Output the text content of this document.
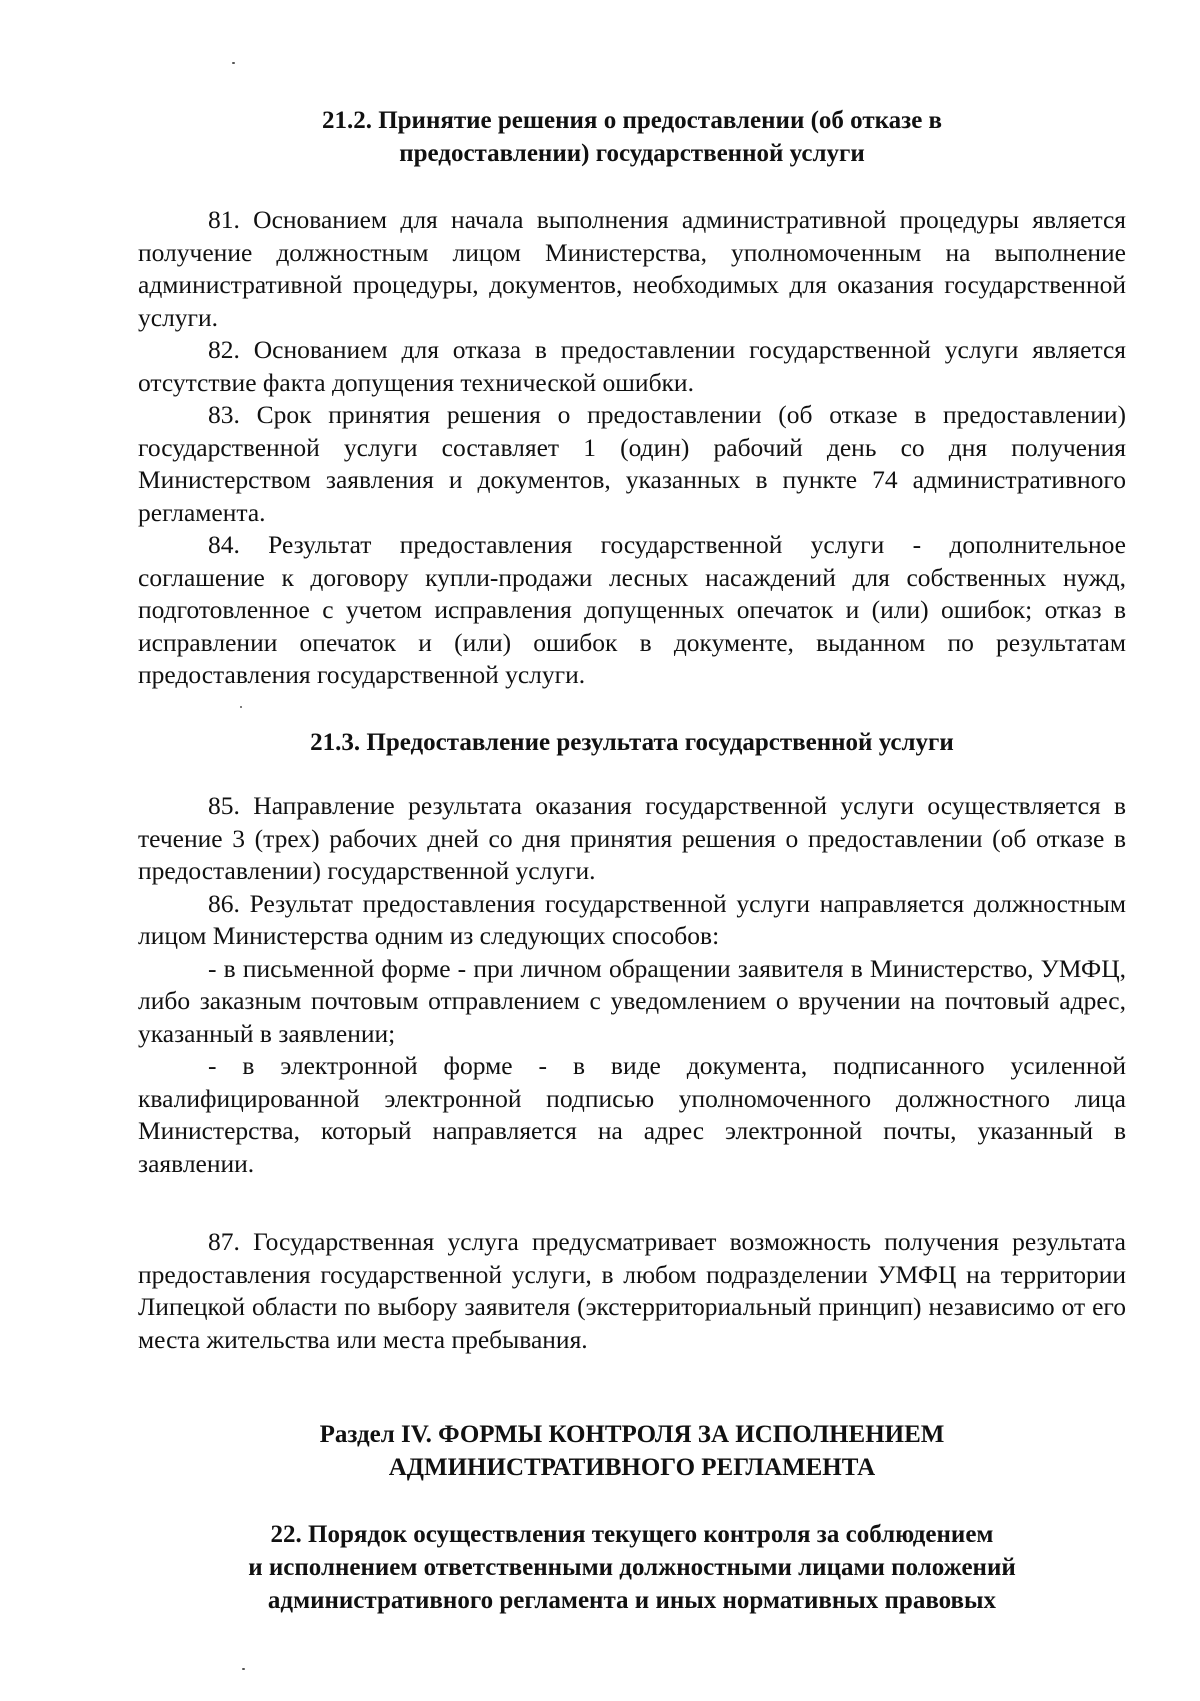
21.2. Принятие решения о предоставлении (об отказе в
предоставлении) государственной услуги

81. Основанием для начала выполнения административной процедуры является получение должностным лицом Министерства, уполномоченным на выполнение административной процедуры, документов, необходимых для оказания государственной услуги.

82. Основанием для отказа в предоставлении государственной услуги является отсутствие факта допущения технической ошибки.

83. Срок принятия решения о предоставлении (об отказе в предоставлении) государственной услуги составляет 1 (один) рабочий день со дня получения Министерством заявления и документов, указанных в пункте 74 административного регламента.

84. Результат предоставления государственной услуги - дополнительное соглашение к договору купли-продажи лесных насаждений для собственных нужд, подготовленное с учетом исправления допущенных опечаток и (или) ошибок; отказ в исправлении опечаток и (или) ошибок в документе, выданном по результатам предоставления государственной услуги.

21.3. Предоставление результата государственной услуги

85. Направление результата оказания государственной услуги осуществляется в течение 3 (трех) рабочих дней со дня принятия решения о предоставлении (об отказе в предоставлении) государственной услуги.

86. Результат предоставления государственной услуги направляется должностным лицом Министерства одним из следующих способов:

- в письменной форме - при личном обращении заявителя в Министерство, УМФЦ, либо заказным почтовым отправлением с уведомлением о вручении на почтовый адрес, указанный в заявлении;

- в электронной форме - в виде документа, подписанного усиленной квалифицированной электронной подписью уполномоченного должностного лица Министерства, который направляется на адрес электронной почты, указанный в заявлении.

87. Государственная услуга предусматривает возможность получения результата предоставления государственной услуги, в любом подразделении УМФЦ на территории Липецкой области по выбору заявителя (экстерриториальный принцип) независимо от его места жительства или места пребывания.

Раздел IV. ФОРМЫ КОНТРОЛЯ ЗА ИСПОЛНЕНИЕМ
АДМИНИСТРАТИВНОГО РЕГЛАМЕНТА
22. Порядок осуществления текущего контроля за соблюдением
и исполнением ответственными должностными лицами положений
административного регламента и иных нормативных правовых
